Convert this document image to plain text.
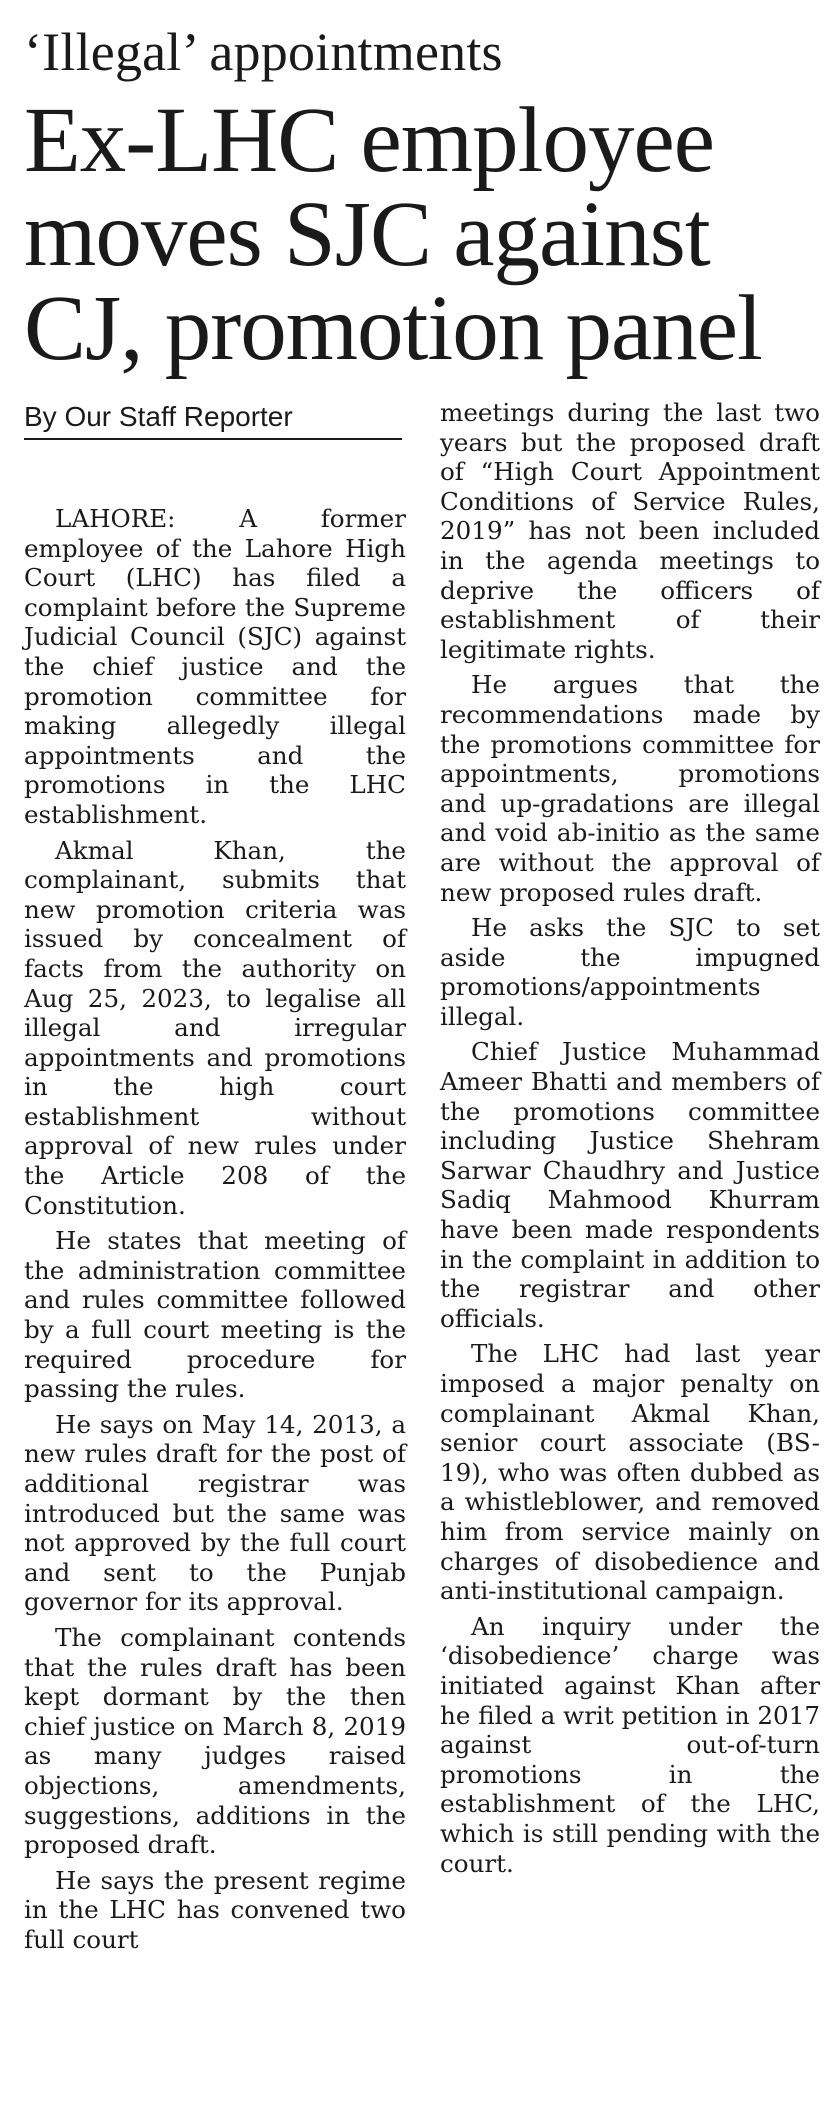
‘Illegal’ appointments
Ex-LHC employee
moves SJC against
CJ, promotion panel
By Our Staff Reporter

LAHORE: A former employee of the Lahore High Court (LHC) has filed a complaint before the Supreme Judicial Council (SJC) against the chief justice and the promotion committee for making allegedly illegal appointments and the promotions in the LHC establishment.

Akmal Khan, the complainant, submits that new promotion criteria was issued by concealment of facts from the authority on Aug 25, 2023, to legalise all illegal and irregular appointments and promotions in the high court establishment without approval of new rules under the Article 208 of the Constitution.

He states that meeting of the administration committee and rules committee followed by a full court meeting is the required procedure for passing the rules.

He says on May 14, 2013, a new rules draft for the post of additional registrar was introduced but the same was not approved by the full court and sent to the Punjab governor for its approval.

The complainant contends that the rules draft has been kept dormant by the then chief justice on March 8, 2019 as many judges raised objections, amendments, suggestions, additions in the proposed draft.

He says the present regime in the LHC has convened two full court

meetings during the last two years but the proposed draft of “High Court Appointment Conditions of Service Rules, 2019” has not been included in the agenda meetings to deprive the officers of establishment of their legitimate rights.

He argues that the recommendations made by the promotions committee for appointments, promotions and up-gradations are illegal and void ab-initio as the same are without the approval of new proposed rules draft.

He asks the SJC to set aside the impugned promotions/appointments illegal.

Chief Justice Muhammad Ameer Bhatti and members of the promotions committee including Justice Shehram Sarwar Chaudhry and Justice Sadiq Mahmood Khurram have been made respondents in the complaint in addition to the registrar and other officials.

The LHC had last year imposed a major penalty on complainant Akmal Khan, senior court associate (BS-19), who was often dubbed as a whistleblower, and removed him from service mainly on charges of disobedience and anti-institutional campaign.

An inquiry under the ‘disobedience’ charge was initiated against Khan after he filed a writ petition in 2017 against out-of-turn promotions in the establishment of the LHC, which is still pending with the court.
